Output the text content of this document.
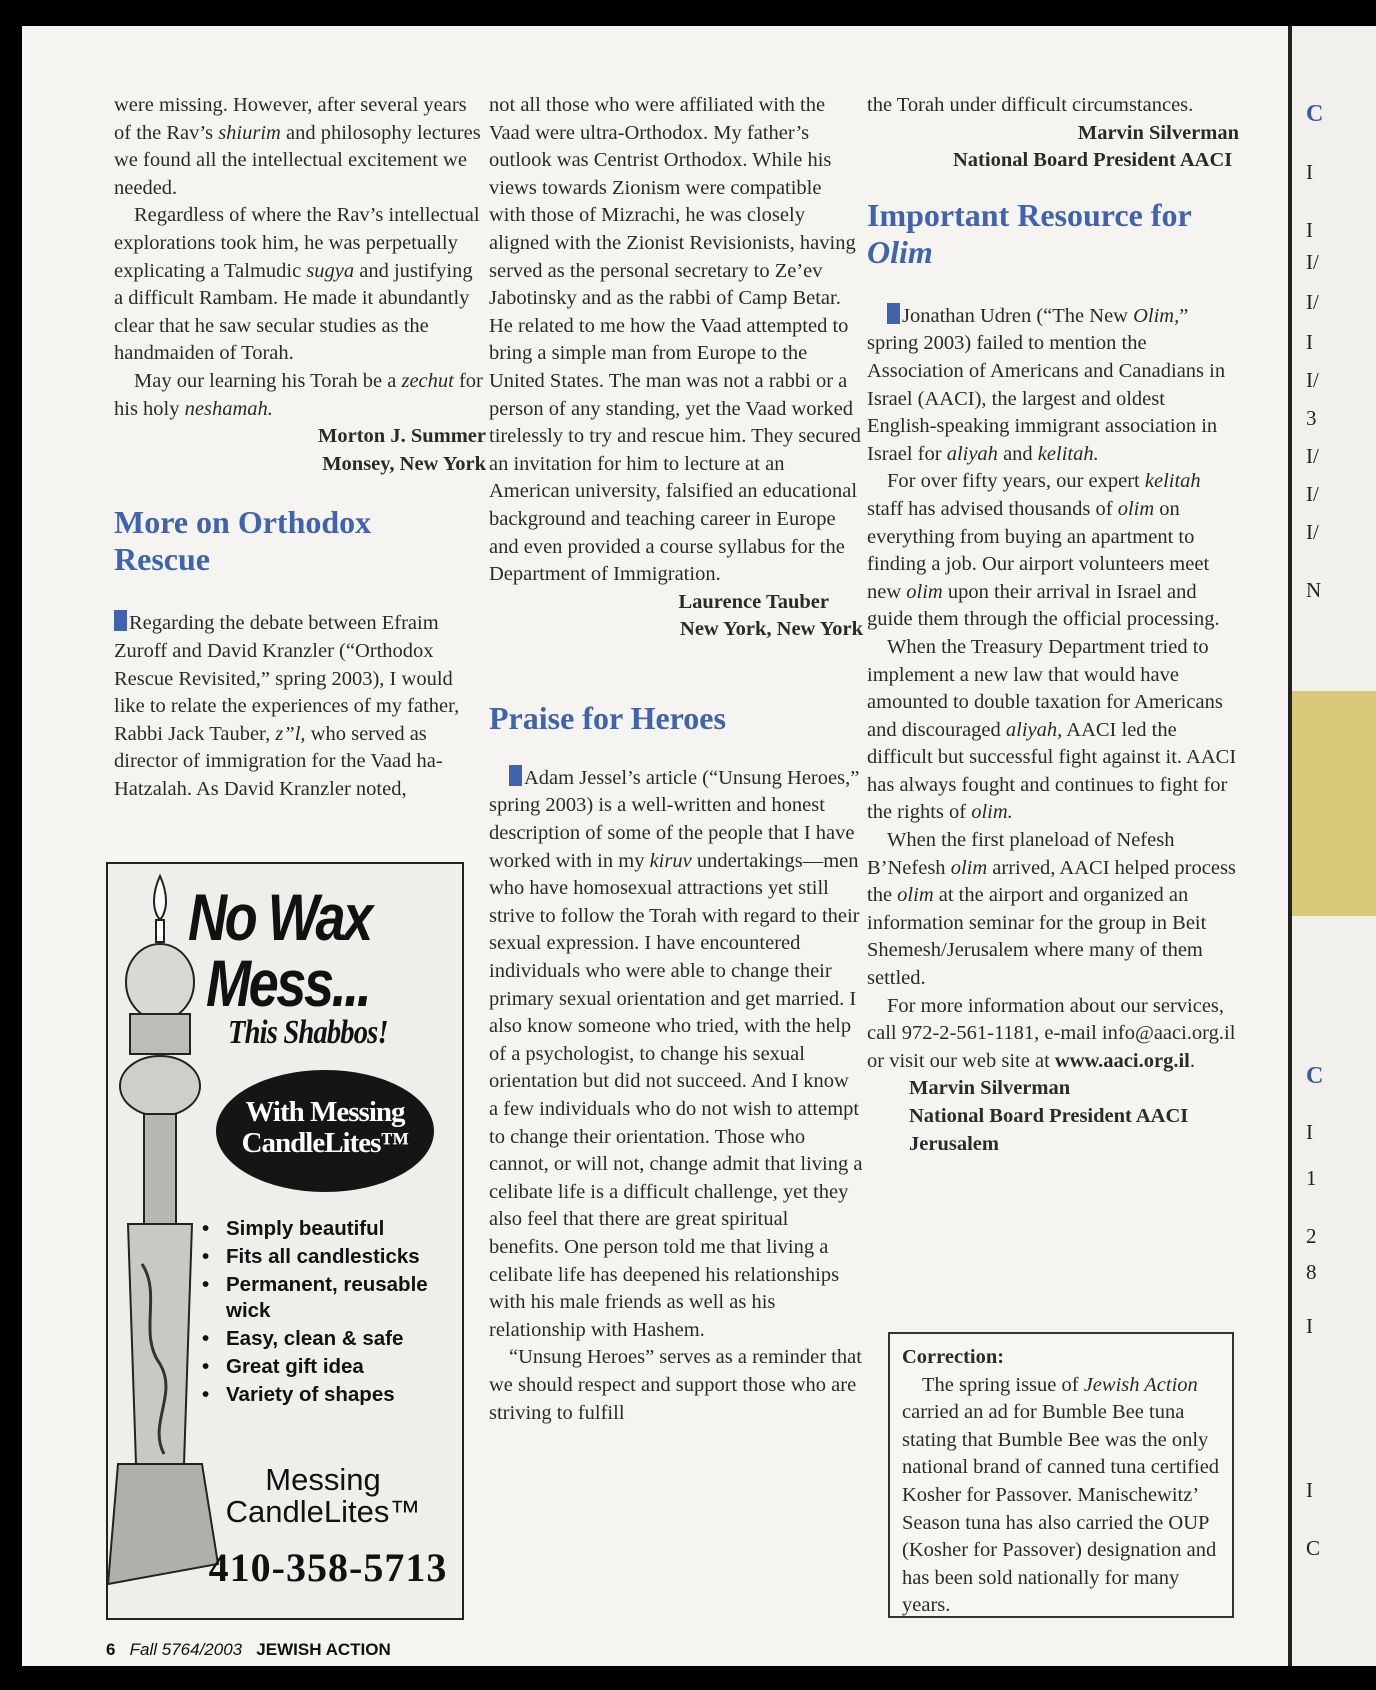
were missing. However, after several years of the Rav’s shiurim and philosophy lectures we found all the intellectual excitement we needed.

Regardless of where the Rav’s intellectual explorations took him, he was perpetually explicating a Talmudic sugya and justifying a difficult Rambam. He made it abundantly clear that he saw secular studies as the handmaiden of Torah.

May our learning his Torah be a zechut for his holy neshamah.

Morton J. Summer

Monsey, New York

More on Orthodox Rescue

Regarding the debate between Efraim Zuroff and David Kranzler (“Orthodox Rescue Revisited,” spring 2003), I would like to relate the experiences of my father, Rabbi Jack Tauber, z”l, who served as director of immigration for the Vaad ha-Hatzalah. As David Kranzler noted,

No Wax
Mess...
This Shabbos!
With Messing
CandleLites™
• Simply beautiful
• Fits all candlesticks
• Permanent, reusable wick
• Easy, clean & safe
• Great gift idea
• Variety of shapes
Messing
CandleLites™
410-358-5713

not all those who were affiliated with the Vaad were ultra-Orthodox. My father’s outlook was Centrist Orthodox. While his views towards Zionism were compatible with those of Mizrachi, he was closely aligned with the Zionist Revisionists, having served as the personal secretary to Ze’ev Jabotinsky and as the rabbi of Camp Betar. He related to me how the Vaad attempted to bring a simple man from Europe to the United States. The man was not a rabbi or a person of any standing, yet the Vaad worked tirelessly to try and rescue him. They secured an invitation for him to lecture at an American university, falsified an educational background and teaching career in Europe and even provided a course syllabus for the Department of Immigration.

Laurence Tauber

New York, New York

Praise for Heroes

Adam Jessel’s article (“Unsung Heroes,” spring 2003) is a well-written and honest description of some of the people that I have worked with in my kiruv undertakings—men who have homosexual attractions yet still strive to follow the Torah with regard to their sexual expression. I have encountered individuals who were able to change their primary sexual orientation and get married. I also know someone who tried, with the help of a psychologist, to change his sexual orientation but did not succeed. And I know a few individuals who do not wish to attempt to change their orientation. Those who cannot, or will not, change admit that living a celibate life is a difficult challenge, yet they also feel that there are great spiritual benefits. One person told me that living a celibate life has deepened his relationships with his male friends as well as his relationship with Hashem.

“Unsung Heroes” serves as a reminder that we should respect and support those who are striving to fulfill

the Torah under difficult circumstances.

Marvin Silverman

National Board President AACI

Important Resource for
Olim

Jonathan Udren (“The New Olim,” spring 2003) failed to mention the Association of Americans and Canadians in Israel (AACI), the largest and oldest English-speaking immigrant association in Israel for aliyah and kelitah.

For over fifty years, our expert kelitah staff has advised thousands of olim on everything from buying an apartment to finding a job. Our airport volunteers meet new olim upon their arrival in Israel and guide them through the official processing.

When the Treasury Department tried to implement a new law that would have amounted to double taxation for Americans and discouraged aliyah, AACI led the difficult but successful fight against it. AACI has always fought and continues to fight for the rights of olim.

When the first planeload of Nefesh B’Nefesh olim arrived, AACI helped process the olim at the airport and organized an information seminar for the group in Beit Shemesh/Jerusalem where many of them settled.

For more information about our services, call 972-2-561-1181, e-mail info@aaci.org.il or visit our web site at www.aaci.org.il.

Marvin Silverman

National Board President AACI

Jerusalem

Correction:

The spring issue of Jewish Action carried an ad for Bumble Bee tuna stating that Bumble Bee was the only national brand of canned tuna certified Kosher for Passover. Manischewitz’ Season tuna has also carried the OUP (Kosher for Passover) designation and has been sold nationally for many years.

6 Fall 5764/2003 JEWISH ACTION
C
I
I
I/
I/
I
I/
3
I/
I/
I/
N
C
I
1
2
8
I
I
C
